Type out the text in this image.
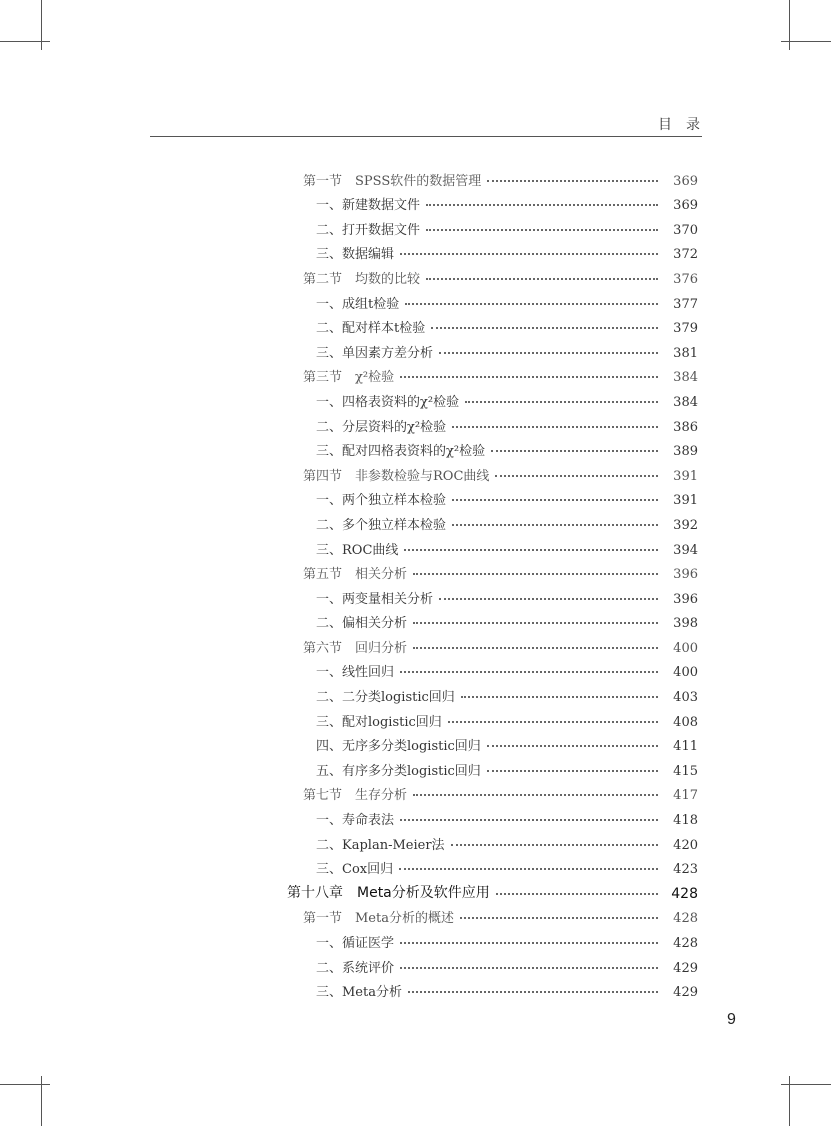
目录
第一节　SPSS软件的数据管理	369
一、新建数据文件	369
二、打开数据文件	370
三、数据编辑	372
第二节　均数的比较	376
一、成组t检验	377
二、配对样本t检验	379
三、单因素方差分析	381
第三节　χ²检验	384
一、四格表资料的χ²检验	384
二、分层资料的χ²检验	386
三、配对四格表资料的χ²检验	389
第四节　非参数检验与ROC曲线	391
一、两个独立样本检验	391
二、多个独立样本检验	392
三、ROC曲线	394
第五节　相关分析	396
一、两变量相关分析	396
二、偏相关分析	398
第六节　回归分析	400
一、线性回归	400
二、二分类logistic回归	403
三、配对logistic回归	408
四、无序多分类logistic回归	411
五、有序多分类logistic回归	415
第七节　生存分析	417
一、寿命表法	418
二、Kaplan-Meier法	420
三、Cox回归	423
第十八章　Meta分析及软件应用	428
第一节　Meta分析的概述	428
一、循证医学	428
二、系统评价	429
三、Meta分析	429
9
